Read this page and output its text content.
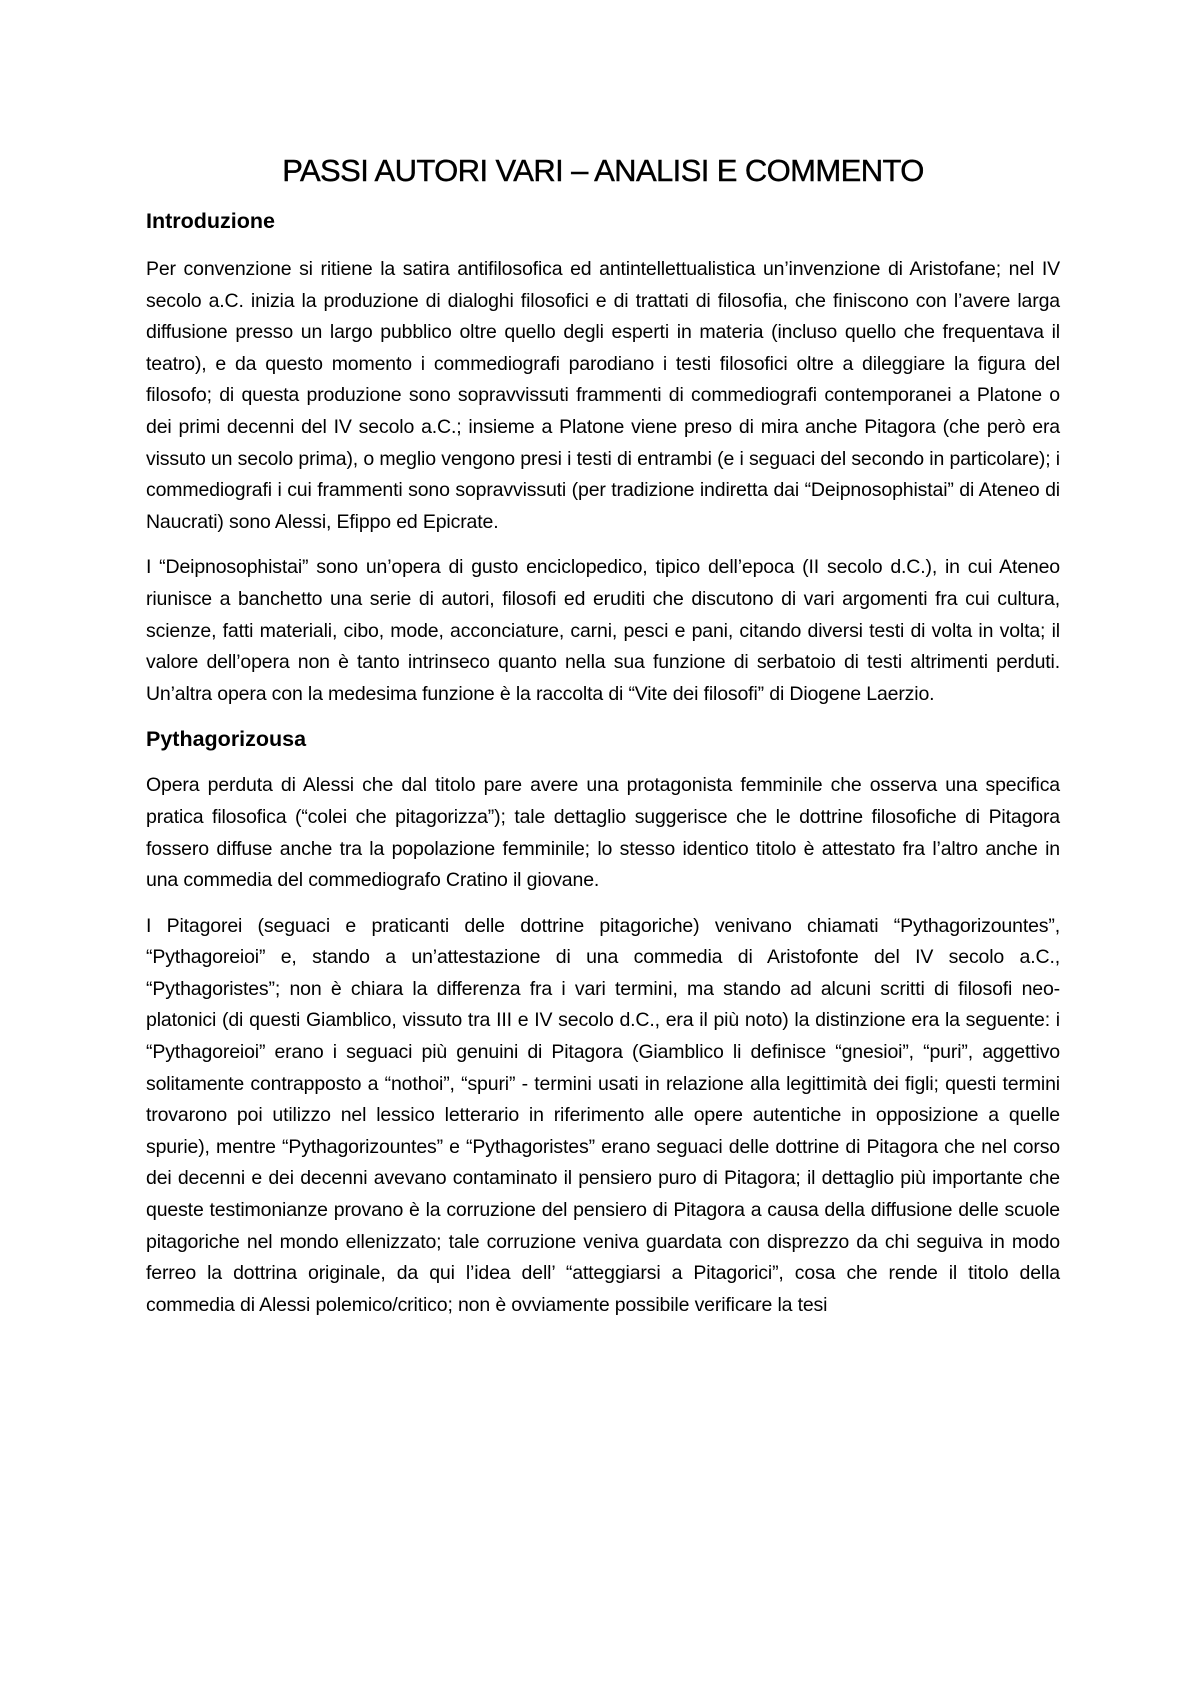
PASSI AUTORI VARI – ANALISI E COMMENTO
Introduzione

Per convenzione si ritiene la satira antifilosofica ed antintellettualistica un’invenzione di Aristofane; nel IV secolo a.C. inizia la produzione di dialoghi filosofici e di trattati di filosofia, che finiscono con l’avere larga diffusione presso un largo pubblico oltre quello degli esperti in materia (incluso quello che frequentava il teatro), e da questo momento i commediografi parodiano i testi filosofici oltre a dileggiare la figura del filosofo; di questa produzione sono sopravvissuti frammenti di commediografi contemporanei a Platone o dei primi decenni del IV secolo a.C.; insieme a Platone viene preso di mira anche Pitagora (che però era vissuto un secolo prima), o meglio vengono presi i testi di entrambi (e i seguaci del secondo in particolare); i commediografi i cui frammenti sono sopravvissuti (per tradizione indiretta dai “Deipnosophistai” di Ateneo di Naucrati) sono Alessi, Efippo ed Epicrate.

I “Deipnosophistai” sono un’opera di gusto enciclopedico, tipico dell’epoca (II secolo d.C.), in cui Ateneo riunisce a banchetto una serie di autori, filosofi ed eruditi che discutono di vari argomenti fra cui cultura, scienze, fatti materiali, cibo, mode, acconciature, carni, pesci e pani, citando diversi testi di volta in volta; il valore dell’opera non è tanto intrinseco quanto nella sua funzione di serbatoio di testi altrimenti perduti. Un’altra opera con la medesima funzione è la raccolta di “Vite dei filosofi” di Diogene Laerzio.

Pythagorizousa

Opera perduta di Alessi che dal titolo pare avere una protagonista femminile che osserva una specifica pratica filosofica (“colei che pitagorizza”); tale dettaglio suggerisce che le dottrine filosofiche di Pitagora fossero diffuse anche tra la popolazione femminile; lo stesso identico titolo è attestato fra l’altro anche in una commedia del commediografo Cratino il giovane.

I Pitagorei (seguaci e praticanti delle dottrine pitagoriche) venivano chiamati “Pythagorizountes”, “Pythagoreioi” e, stando a un’attestazione di una commedia di Aristofonte del IV secolo a.C., “Pythagoristes”; non è chiara la differenza fra i vari termini, ma stando ad alcuni scritti di filosofi neo-platonici (di questi Giamblico, vissuto tra III e IV secolo d.C., era il più noto) la distinzione era la seguente: i “Pythagoreioi” erano i seguaci più genuini di Pitagora (Giamblico li definisce “gnesioi”, “puri”, aggettivo solitamente contrapposto a “nothoi”, “spuri” - termini usati in relazione alla legittimità dei figli; questi termini trovarono poi utilizzo nel lessico letterario in riferimento alle opere autentiche in opposizione a quelle spurie), mentre “Pythagorizountes” e “Pythagoristes” erano seguaci delle dottrine di Pitagora che nel corso dei decenni e dei decenni avevano contaminato il pensiero puro di Pitagora; il dettaglio più importante che queste testimonianze provano è la corruzione del pensiero di Pitagora a causa della diffusione delle scuole pitagoriche nel mondo ellenizzato; tale corruzione veniva guardata con disprezzo da chi seguiva in modo ferreo la dottrina originale, da qui l’idea dell’ “atteggiarsi a Pitagorici”, cosa che rende il titolo della commedia di Alessi polemico/critico; non è ovviamente possibile verificare la tesi
